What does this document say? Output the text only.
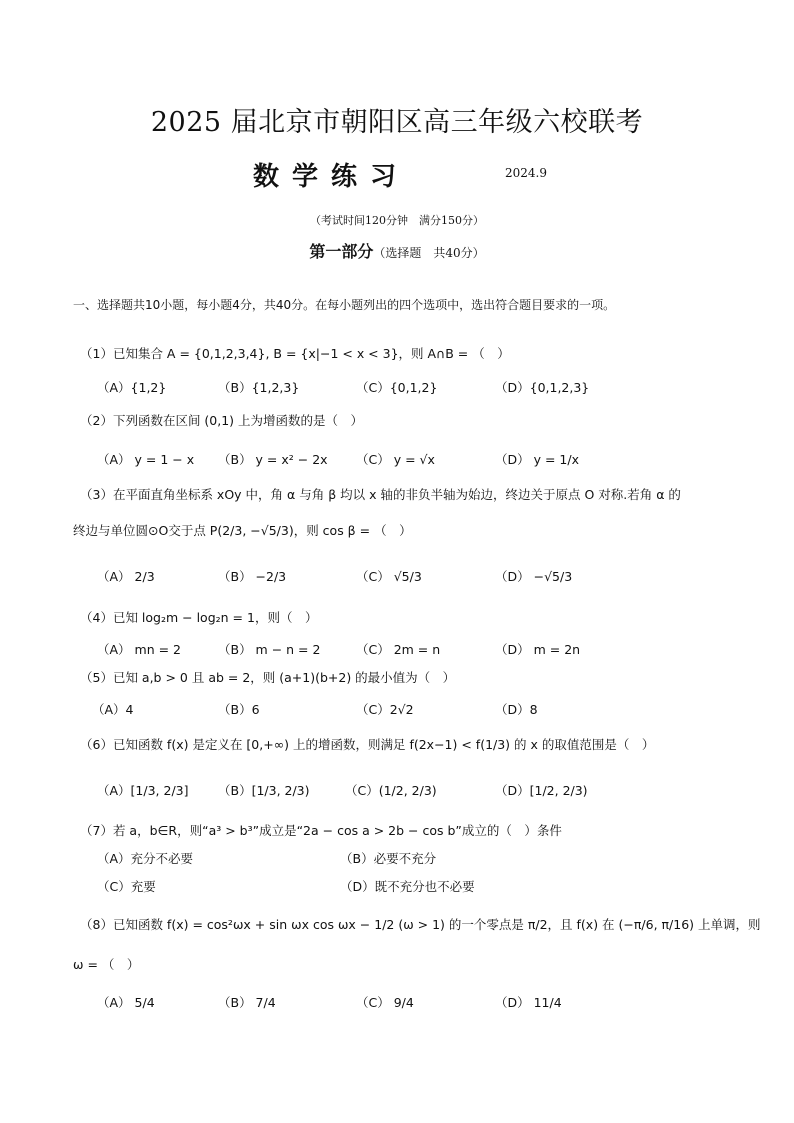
2025 届北京市朝阳区高三年级六校联考
数学练习	2024.9
（考试时间120分钟　满分150分）
第一部分（选择题　共40分）
一、选择题共10小题，每小题4分，共40分。在每小题列出的四个选项中，选出符合题目要求的一项。
（1）已知集合 A = {0,1,2,3,4}, B = {x|−1 < x < 3}，则 A∩B = （　）
（A）{1,2}	（B）{1,2,3}	（C）{0,1,2}	（D）{0,1,2,3}
（2）下列函数在区间 (0,1) 上为增函数的是（　）
（A） y = 1 − x （B） y = x² − 2x （C） y = √x	（D） y = 1/x
（3）在平面直角坐标系 xOy 中，角 α 与角 β 均以 x 轴的非负半轴为始边，终边关于原点 O 对称.若角 α 的
终边与单位圆⊙O交于点 P(2/3, −√5/3)，则 cos β = （　）
（A） 2/3	（B） −2/3	（C） √5/3	（D） −√5/3
（4）已知 log₂m − log₂n = 1，则（　）
（A） mn = 2	（B） m − n = 2	（C） 2m = n	（D） m = 2n
（5）已知 a,b > 0 且 ab = 2，则 (a+1)(b+2) 的最小值为（　）
（A）4	（B）6	（C）2√2	（D）8
（6）已知函数 f(x) 是定义在 [0,+∞) 上的增函数，则满足 f(2x−1) < f(1/3) 的 x 的取值范围是（　）
（A）[1/3, 2/3] （B）[1/3, 2/3)	（C）(1/2, 2/3)	（D）[1/2, 2/3)
（7）若 a，b∈R，则“a³ > b³”成立是“2a − cos a > 2b − cos b”成立的（　）条件
（A）充分不必要	（B）必要不充分
（C）充要	（D）既不充分也不必要
（8）已知函数 f(x) = cos²ωx + sin ωx cos ωx − 1/2 (ω > 1) 的一个零点是 π/2，且 f(x) 在 (−π/6, π/16) 上单调，则
ω = （　）
（A） 5/4	（B） 7/4	（C） 9/4	（D） 11/4
